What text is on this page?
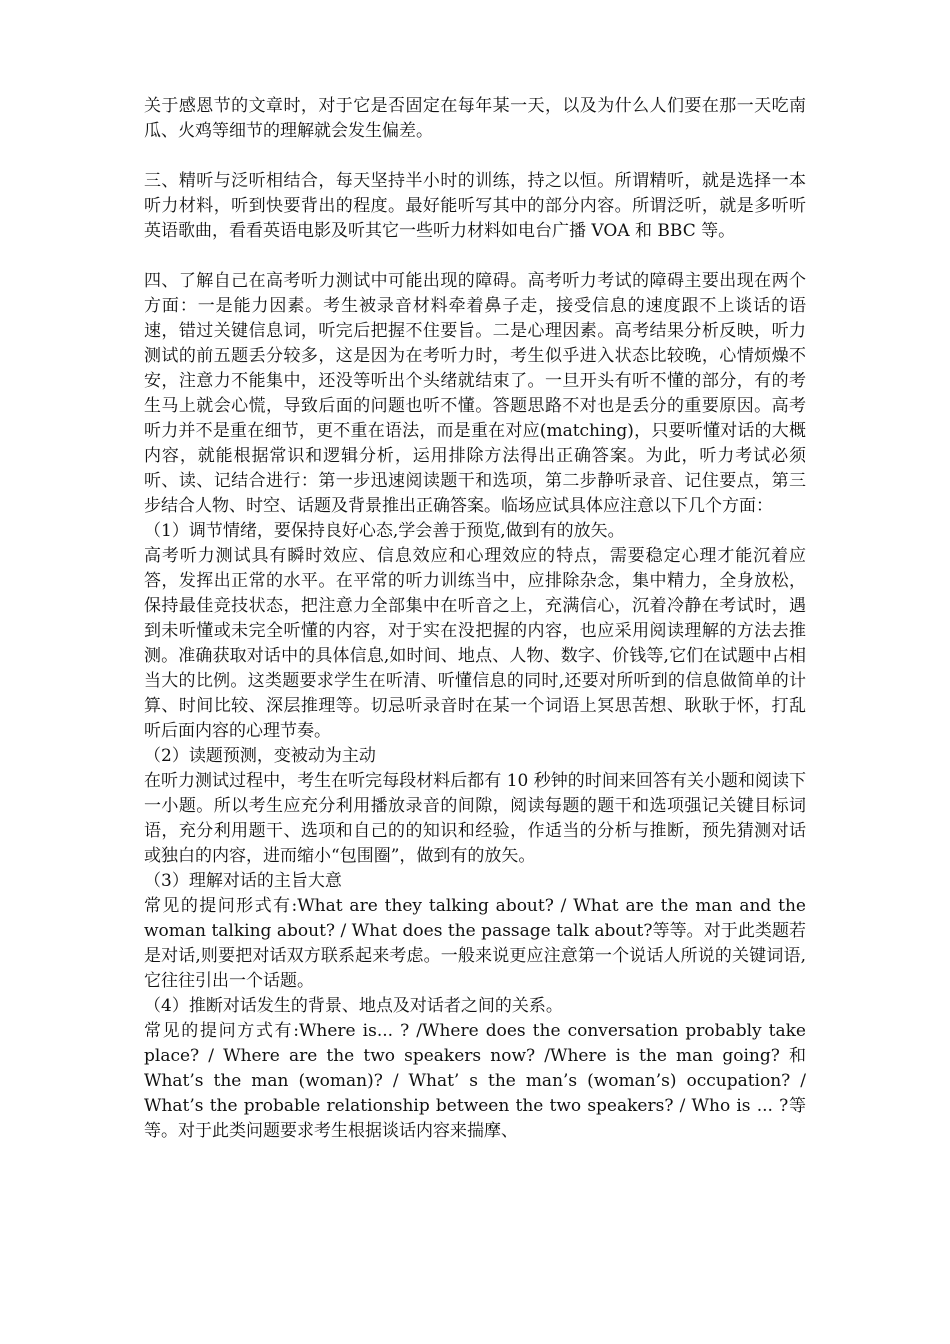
关于感恩节的文章时，对于它是否固定在每年某一天，以及为什么人们要在那一天吃南瓜、火鸡等细节的理解就会发生偏差。

三、精听与泛听相结合，每天坚持半小时的训练，持之以恒。所谓精听，就是选择一本听力材料，听到快要背出的程度。最好能听写其中的部分内容。所谓泛听，就是多听听英语歌曲，看看英语电影及听其它一些听力材料如电台广播 VOA 和 BBC 等。

四、了解自己在高考听力测试中可能出现的障碍。高考听力考试的障碍主要出现在两个方面：一是能力因素。考生被录音材料牵着鼻子走，接受信息的速度跟不上谈话的语速，错过关键信息词，听完后把握不住要旨。二是心理因素。高考结果分析反映，听力测试的前五题丢分较多，这是因为在考听力时，考生似乎进入状态比较晚，心情烦燥不安，注意力不能集中，还没等听出个头绪就结束了。一旦开头有听不懂的部分，有的考生马上就会心慌，导致后面的问题也听不懂。答题思路不对也是丢分的重要原因。高考听力并不是重在细节，更不重在语法，而是重在对应(matching)，只要听懂对话的大概内容，就能根据常识和逻辑分析，运用排除方法得出正确答案。为此，听力考试必须听、读、记结合进行：第一步迅速阅读题干和选项，第二步静听录音、记住要点，第三步结合人物、时空、话题及背景推出正确答案。临场应试具体应注意以下几个方面：

（1）调节情绪，要保持良好心态,学会善于预览,做到有的放矢。

高考听力测试具有瞬时效应、信息效应和心理效应的特点，需要稳定心理才能沉着应答，发挥出正常的水平。在平常的听力训练当中，应排除杂念，集中精力，全身放松，保持最佳竞技状态，把注意力全部集中在听音之上，充满信心，沉着冷静在考试时，遇到未听懂或未完全听懂的内容，对于实在没把握的内容，也应采用阅读理解的方法去推测。准确获取对话中的具体信息,如时间、地点、人物、数字、价钱等,它们在试题中占相当大的比例。这类题要求学生在听清、听懂信息的同时,还要对所听到的信息做简单的计算、时间比较、深层推理等。切忌听录音时在某一个词语上冥思苦想、耿耿于怀，打乱听后面内容的心理节奏。

（2）读题预测，变被动为主动

在听力测试过程中，考生在听完每段材料后都有 10 秒钟的时间来回答有关小题和阅读下一小题。所以考生应充分利用播放录音的间隙，阅读每题的题干和选项强记关键目标词语，充分利用题干、选项和自己的的知识和经验，作适当的分析与推断，预先猜测对话或独白的内容，进而缩小“包围圈”，做到有的放矢。

（3）理解对话的主旨大意

常见的提问形式有:What are they talking about? / What are the man and the woman talking about? / What does the passage talk about?等等。对于此类题若是对话,则要把对话双方联系起来考虑。一般来说更应注意第一个说话人所说的关键词语,它往往引出一个话题。

（4）推断对话发生的背景、地点及对话者之间的关系。

常见的提问方式有:Where is... ? /Where does the conversation probably take place? / Where are the two speakers now? /Where is the man going? 和 What’s the man (woman)? / What’ s the man’s (woman’s) occupation? / What’s the probable relationship between the two speakers? / Who is ... ?等等。对于此类问题要求考生根据谈话内容来揣摩、
